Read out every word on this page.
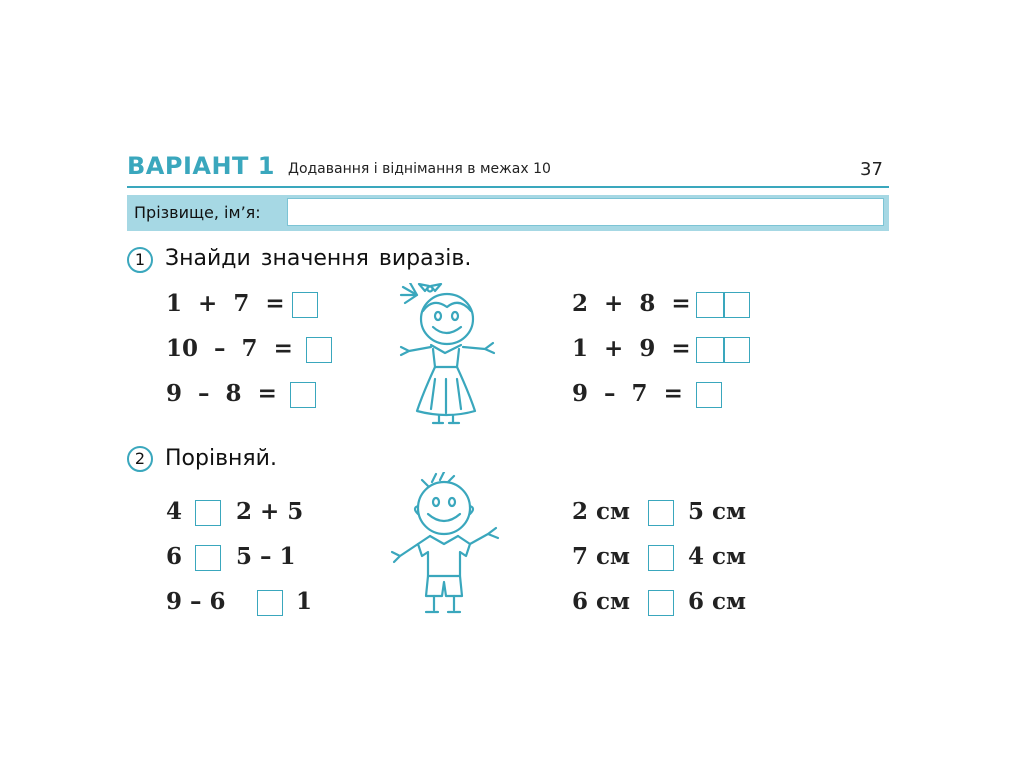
ВАРІАНТ 1 Додавання і віднімання в межах 10	37
Прізвище, ім’я:
1 Знайди значення виразів.
1 + 7 =
10 – 7 =
9 – 8 =
2 + 8 =
1 + 9 =
9 – 7 =
2 Порівняй.
4 2 + 5
6 5 – 1
9 – 6	1
2 см	5 см
7 см	4 см
6 см	6 см
